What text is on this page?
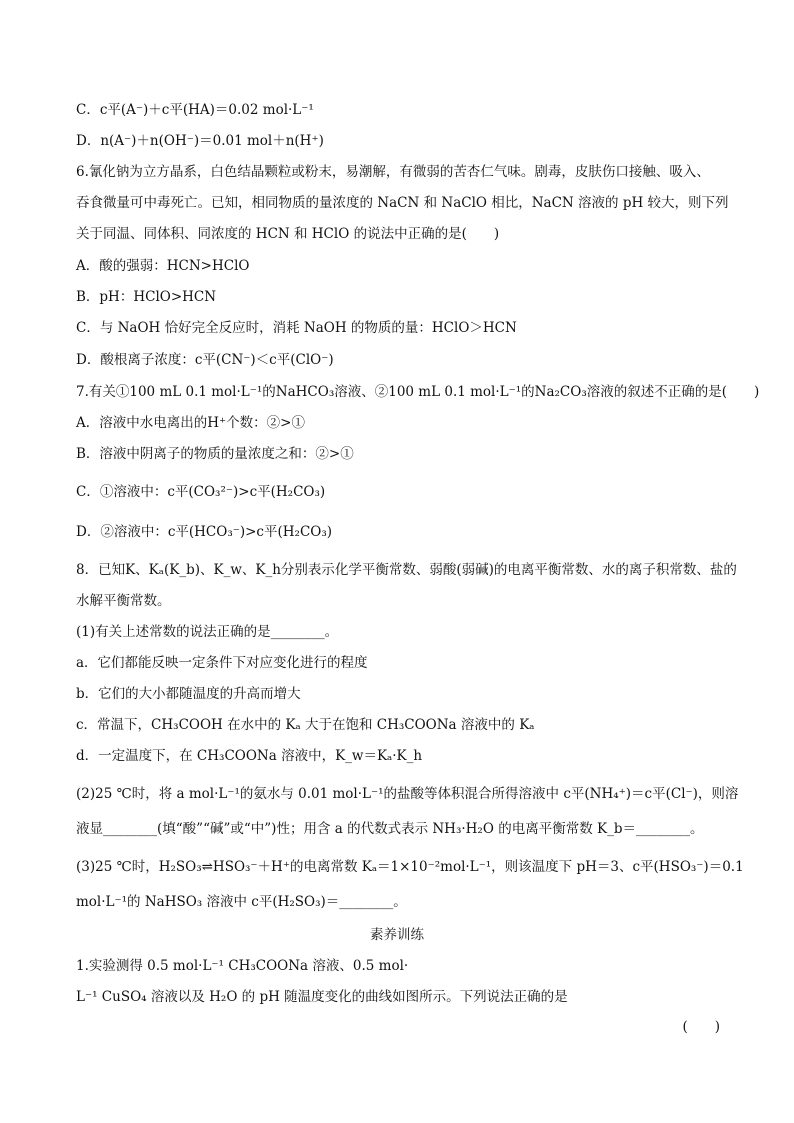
C．c平(A⁻)＋c平(HA)＝0.02 mol·L⁻¹
D．n(A⁻)＋n(OH⁻)＝0.01 mol＋n(H⁺)
6.氰化钠为立方晶系，白色结晶颗粒或粉末，易潮解，有微弱的苦杏仁气味。剧毒，皮肤伤口接触、吸入、
吞食微量可中毒死亡。已知，相同物质的量浓度的 NaCN 和 NaClO 相比，NaCN 溶液的 pH 较大，则下列
关于同温、同体积、同浓度的 HCN 和 HClO 的说法中正确的是(　　)
A．酸的强弱：HCN>HClO
B．pH：HClO>HCN
C．与 NaOH 恰好完全反应时，消耗 NaOH 的物质的量：HClO＞HCN
D．酸根离子浓度：c平(CN⁻)＜c平(ClO⁻)
7.有关①100 mL 0.1 mol·L⁻¹的NaHCO₃溶液、②100 mL 0.1 mol·L⁻¹的Na₂CO₃溶液的叙述不正确的是(　　)
A．溶液中水电离出的H⁺个数：②>①
B．溶液中阴离子的物质的量浓度之和：②>①
C．①溶液中：c平(CO₃²⁻)>c平(H₂CO₃)
D．②溶液中：c平(HCO₃⁻)>c平(H₂CO₃)
8．已知K、Kₐ(K_b)、K_w、K_h分别表示化学平衡常数、弱酸(弱碱)的电离平衡常数、水的离子积常数、盐的
水解平衡常数。
(1)有关上述常数的说法正确的是________。
a．它们都能反映一定条件下对应变化进行的程度
b．它们的大小都随温度的升高而增大
c．常温下，CH₃COOH 在水中的 Kₐ 大于在饱和 CH₃COONa 溶液中的 Kₐ
d．一定温度下，在 CH₃COONa 溶液中，K_w＝Kₐ·K_h
(2)25 ℃时，将 a mol·L⁻¹的氨水与 0.01 mol·L⁻¹的盐酸等体积混合所得溶液中 c平(NH₄⁺)＝c平(Cl⁻)，则溶
液显________(填“酸”“碱”或“中”)性；用含 a 的代数式表示 NH₃·H₂O 的电离平衡常数 K_b＝________。
(3)25 ℃时，H₂SO₃⇌HSO₃⁻＋H⁺的电离常数 Kₐ＝1×10⁻²mol·L⁻¹，则该温度下 pH＝3、c平(HSO₃⁻)＝0.1
mol·L⁻¹的 NaHSO₃ 溶液中 c平(H₂SO₃)＝________。
素养训练
1.实验测得 0.5 mol·L⁻¹ CH₃COONa 溶液、0.5 mol·
L⁻¹ CuSO₄ 溶液以及 H₂O 的 pH 随温度变化的曲线如图所示。下列说法正确的是
(　　)
